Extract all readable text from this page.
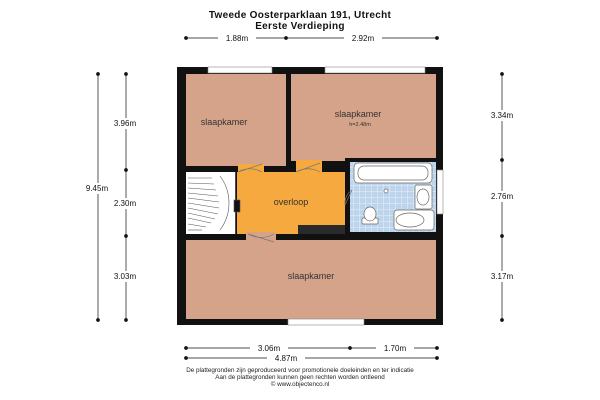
Tweede Oosterparklaan 191, Utrecht
Eerste Verdieping
slaapkamer
slaapkamer
h=2.48m
overloop
slaapkamer
1.88m	2.92m
3.06m	1.70m
4.87m
3.96m
2.30m
3.03m
9.45m
3.34m
2.76m
3.17m
De plattegronden zijn geproduceerd voor promotionele doeleinden en ter indicatie
Aan de plattegronden kunnen geen rechten worden ontleend
© www.objectenco.nl
